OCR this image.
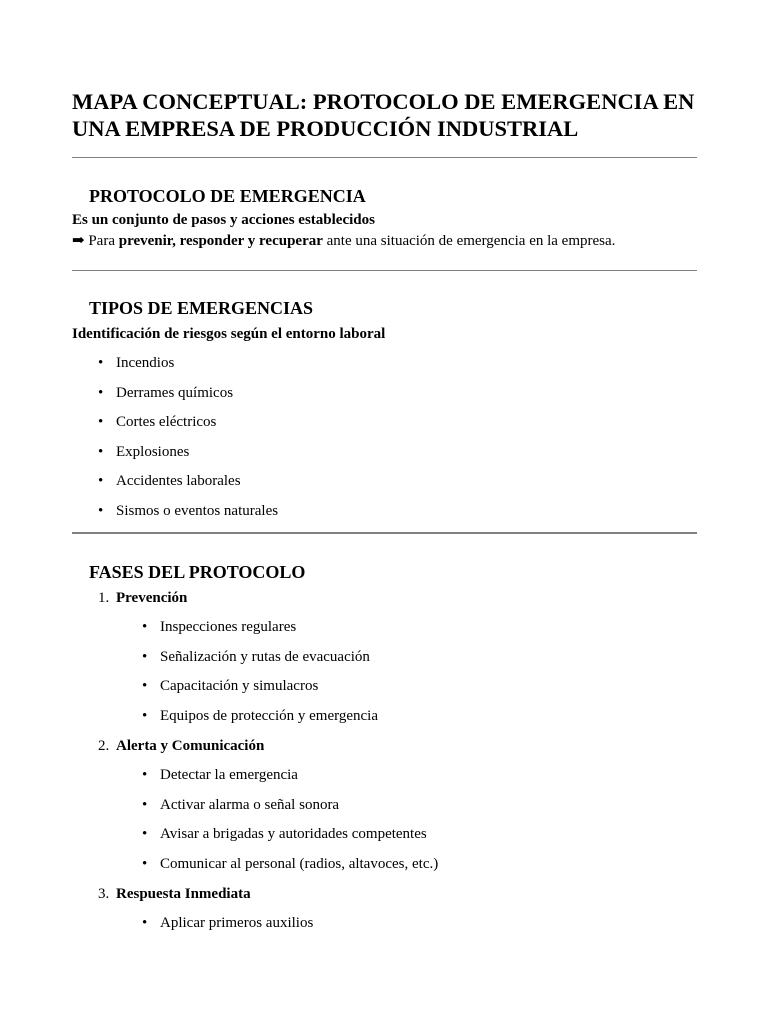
MAPA CONCEPTUAL: PROTOCOLO DE EMERGENCIA EN UNA EMPRESA DE PRODUCCIÓN INDUSTRIAL
PROTOCOLO DE EMERGENCIA
Es un conjunto de pasos y acciones establecidos
➡ Para prevenir, responder y recuperar ante una situación de emergencia en la empresa.
TIPOS DE EMERGENCIAS
Identificación de riesgos según el entorno laboral
• Incendios
• Derrames químicos
• Cortes eléctricos
• Explosiones
• Accidentes laborales
• Sismos o eventos naturales
FASES DEL PROTOCOLO
1. Prevención
• Inspecciones regulares
• Señalización y rutas de evacuación
• Capacitación y simulacros
• Equipos de protección y emergencia
2. Alerta y Comunicación
• Detectar la emergencia
• Activar alarma o señal sonora
• Avisar a brigadas y autoridades competentes
• Comunicar al personal (radios, altavoces, etc.)
3. Respuesta Inmediata
• Aplicar primeros auxilios
